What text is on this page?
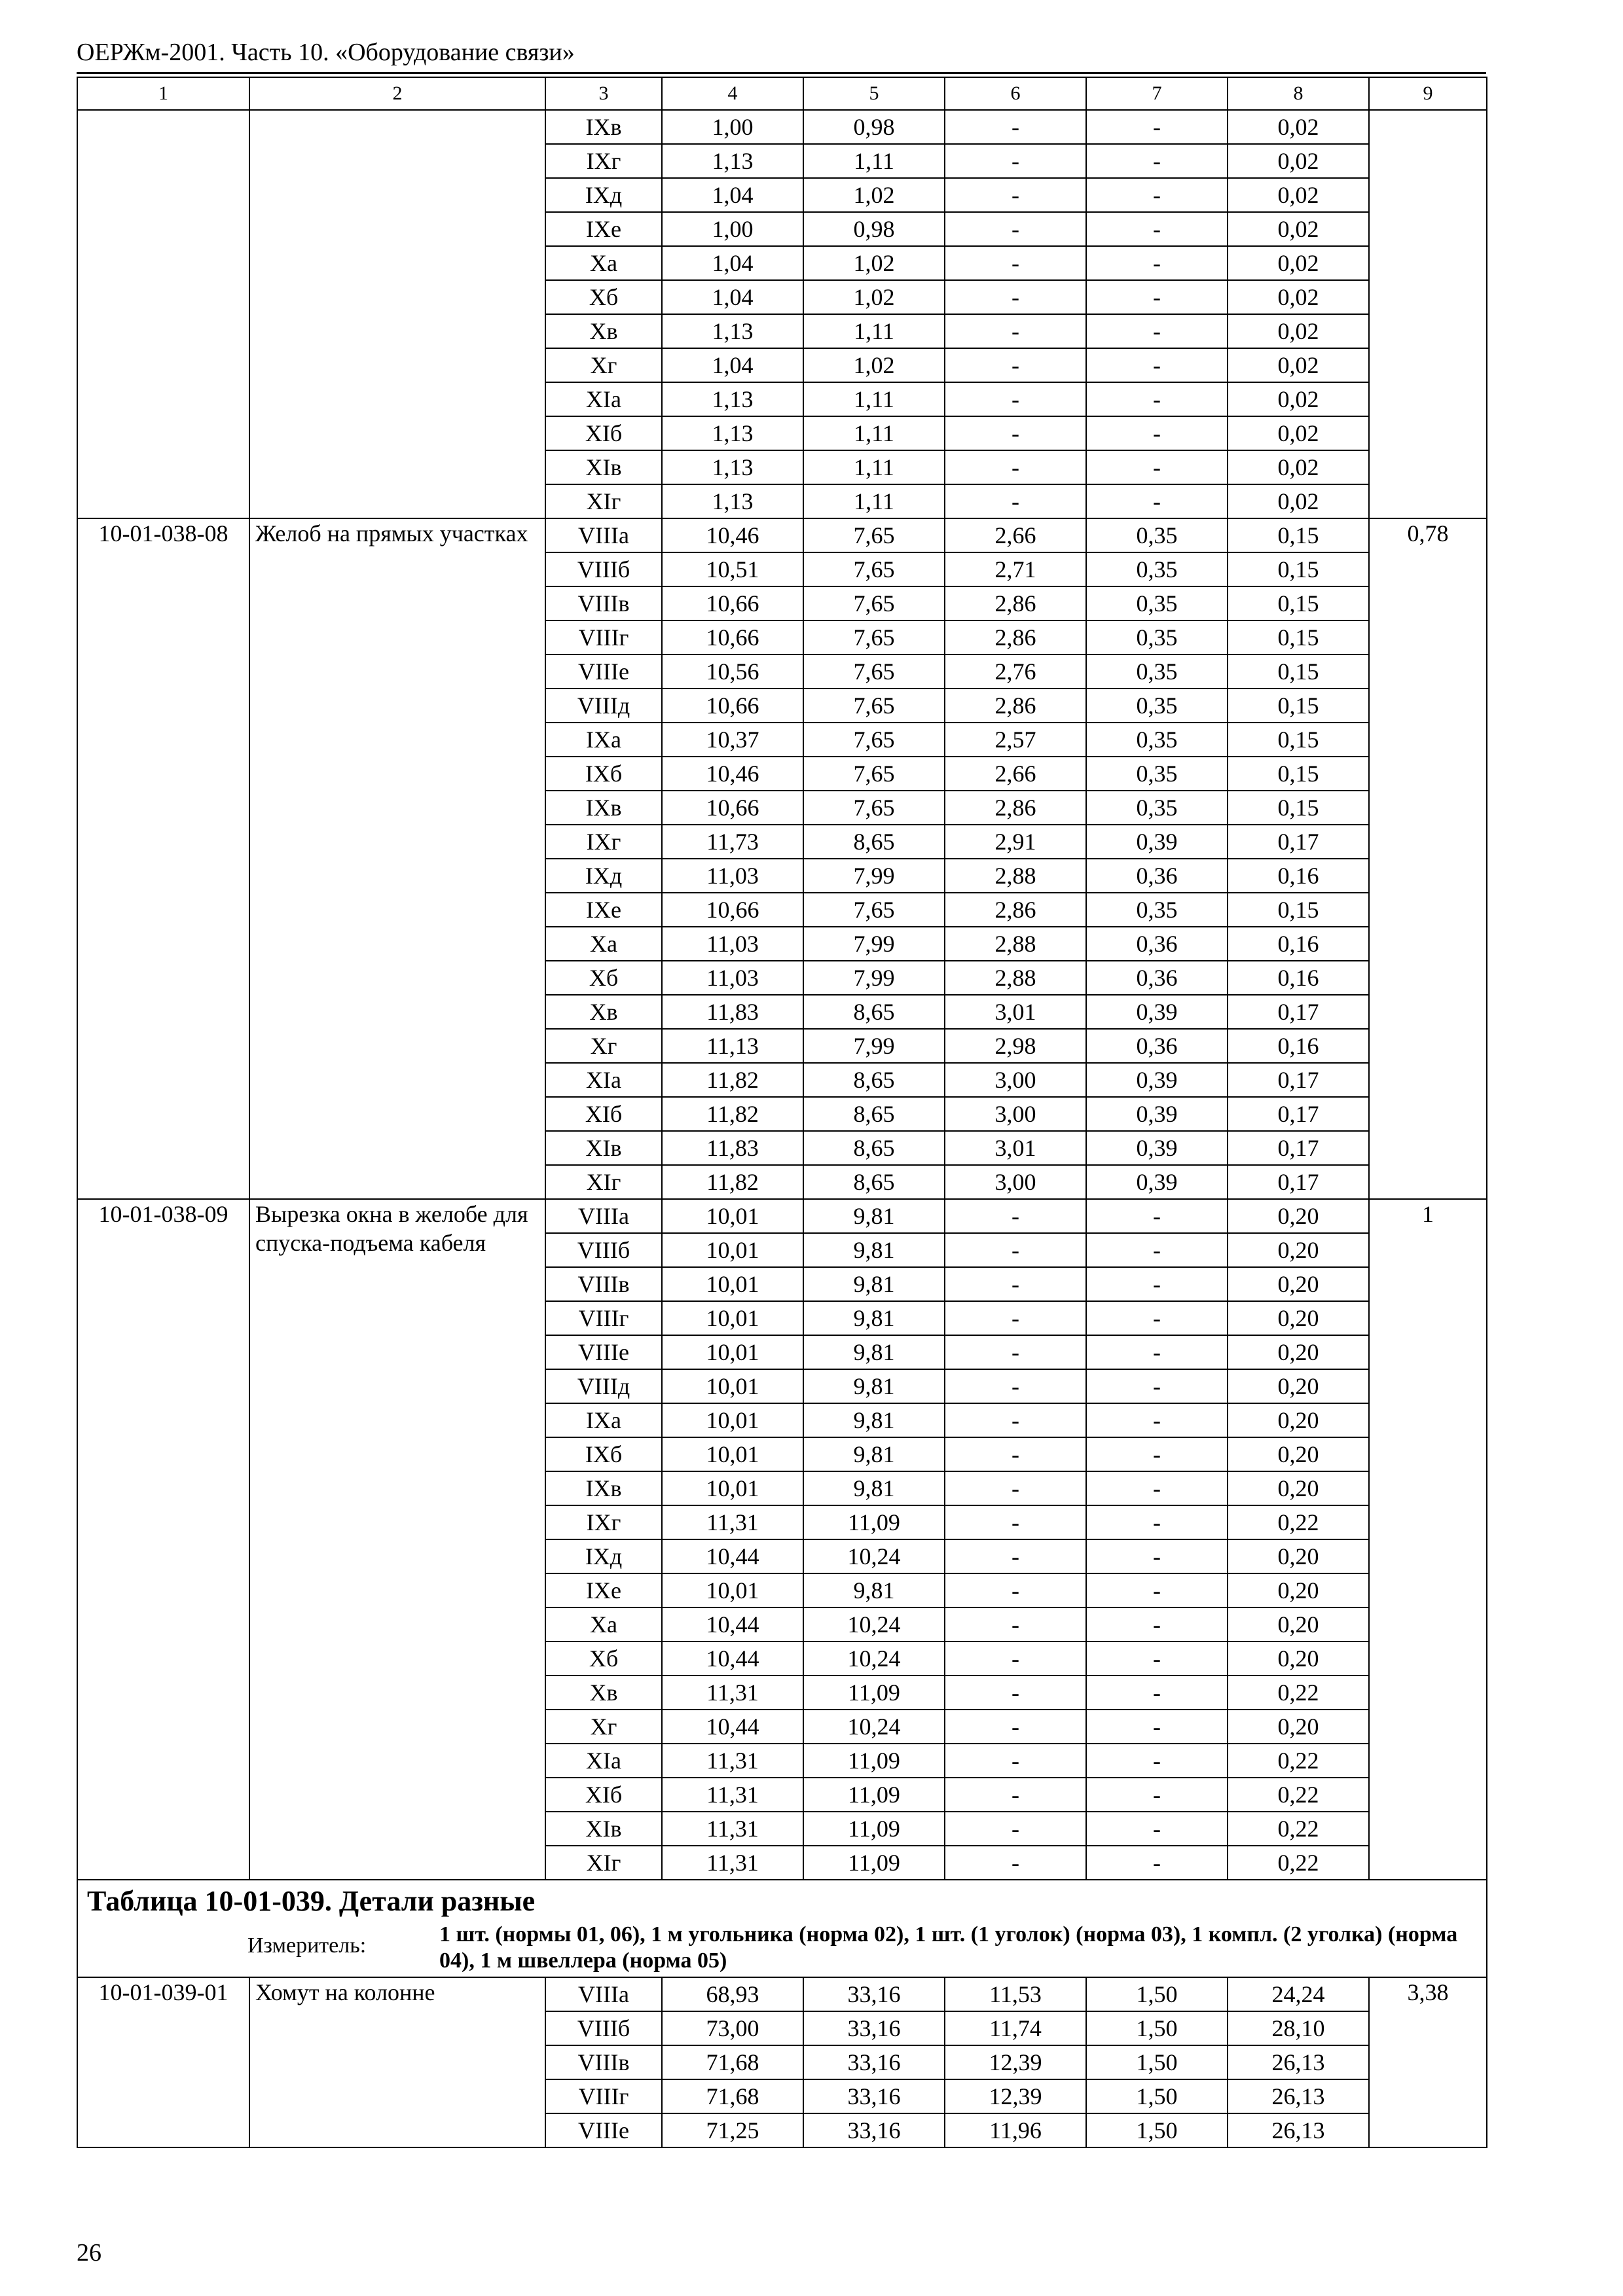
ОЕРЖм-2001. Часть 10. «Оборудование связи»
1	2	3	4	5	6	7	8	9
		IXв	1,00	0,98	-	-	0,02	
		IXг	1,13	1,11	-	-	0,02	
		IXд	1,04	1,02	-	-	0,02	
		IXе	1,00	0,98	-	-	0,02	
		Xа	1,04	1,02	-	-	0,02	
		Xб	1,04	1,02	-	-	0,02	
		Xв	1,13	1,11	-	-	0,02	
		Xг	1,04	1,02	-	-	0,02	
		XIа	1,13	1,11	-	-	0,02	
		XIб	1,13	1,11	-	-	0,02	
		XIв	1,13	1,11	-	-	0,02	
		XIг	1,13	1,11	-	-	0,02	
10-01-038-08	Желоб на прямых участках	VIIIа	10,46	7,65	2,66	0,35	0,15	0,78
		VIIIб	10,51	7,65	2,71	0,35	0,15	
		VIIIв	10,66	7,65	2,86	0,35	0,15	
		VIIIг	10,66	7,65	2,86	0,35	0,15	
		VIIIе	10,56	7,65	2,76	0,35	0,15	
		VIIIд	10,66	7,65	2,86	0,35	0,15	
		IXа	10,37	7,65	2,57	0,35	0,15	
		IXб	10,46	7,65	2,66	0,35	0,15	
		IXв	10,66	7,65	2,86	0,35	0,15	
		IXг	11,73	8,65	2,91	0,39	0,17	
		IXд	11,03	7,99	2,88	0,36	0,16	
		IXе	10,66	7,65	2,86	0,35	0,15	
		Xа	11,03	7,99	2,88	0,36	0,16	
		Xб	11,03	7,99	2,88	0,36	0,16	
		Xв	11,83	8,65	3,01	0,39	0,17	
		Xг	11,13	7,99	2,98	0,36	0,16	
		XIа	11,82	8,65	3,00	0,39	0,17	
		XIб	11,82	8,65	3,00	0,39	0,17	
		XIв	11,83	8,65	3,01	0,39	0,17	
		XIг	11,82	8,65	3,00	0,39	0,17	
10-01-038-09	Вырезка окна в желобе для спуска-подъема кабеля	VIIIа	10,01	9,81	-	-	0,20	1
		VIIIб	10,01	9,81	-	-	0,20	
		VIIIв	10,01	9,81	-	-	0,20	
		VIIIг	10,01	9,81	-	-	0,20	
		VIIIе	10,01	9,81	-	-	0,20	
		VIIIд	10,01	9,81	-	-	0,20	
		IXа	10,01	9,81	-	-	0,20	
		IXб	10,01	9,81	-	-	0,20	
		IXв	10,01	9,81	-	-	0,20	
		IXг	11,31	11,09	-	-	0,22	
		IXд	10,44	10,24	-	-	0,20	
		IXе	10,01	9,81	-	-	0,20	
		Xа	10,44	10,24	-	-	0,20	
		Xб	10,44	10,24	-	-	0,20	
		Xв	11,31	11,09	-	-	0,22	
		Xг	10,44	10,24	-	-	0,20	
		XIа	11,31	11,09	-	-	0,22	
		XIб	11,31	11,09	-	-	0,22	
		XIв	11,31	11,09	-	-	0,22	
		XIг	11,31	11,09	-	-	0,22	

Таблица 10-01-039. Детали разные
Измеритель: 1 шт. (нормы 01, 06), 1 м угольника (норма 02), 1 шт. (1 уголок) (норма 03), 1 компл. (2 уголка) (норма 04), 1 м швеллера (норма 05)								

10-01-039-01	Хомут на колонне	VIIIа	68,93	33,16	11,53	1,50	24,24	3,38
		VIIIб	73,00	33,16	11,74	1,50	28,10	
		VIIIв	71,68	33,16	12,39	1,50	26,13	
		VIIIг	71,68	33,16	12,39	1,50	26,13	
		VIIIе	71,25	33,16	11,96	1,50	26,13	
26
